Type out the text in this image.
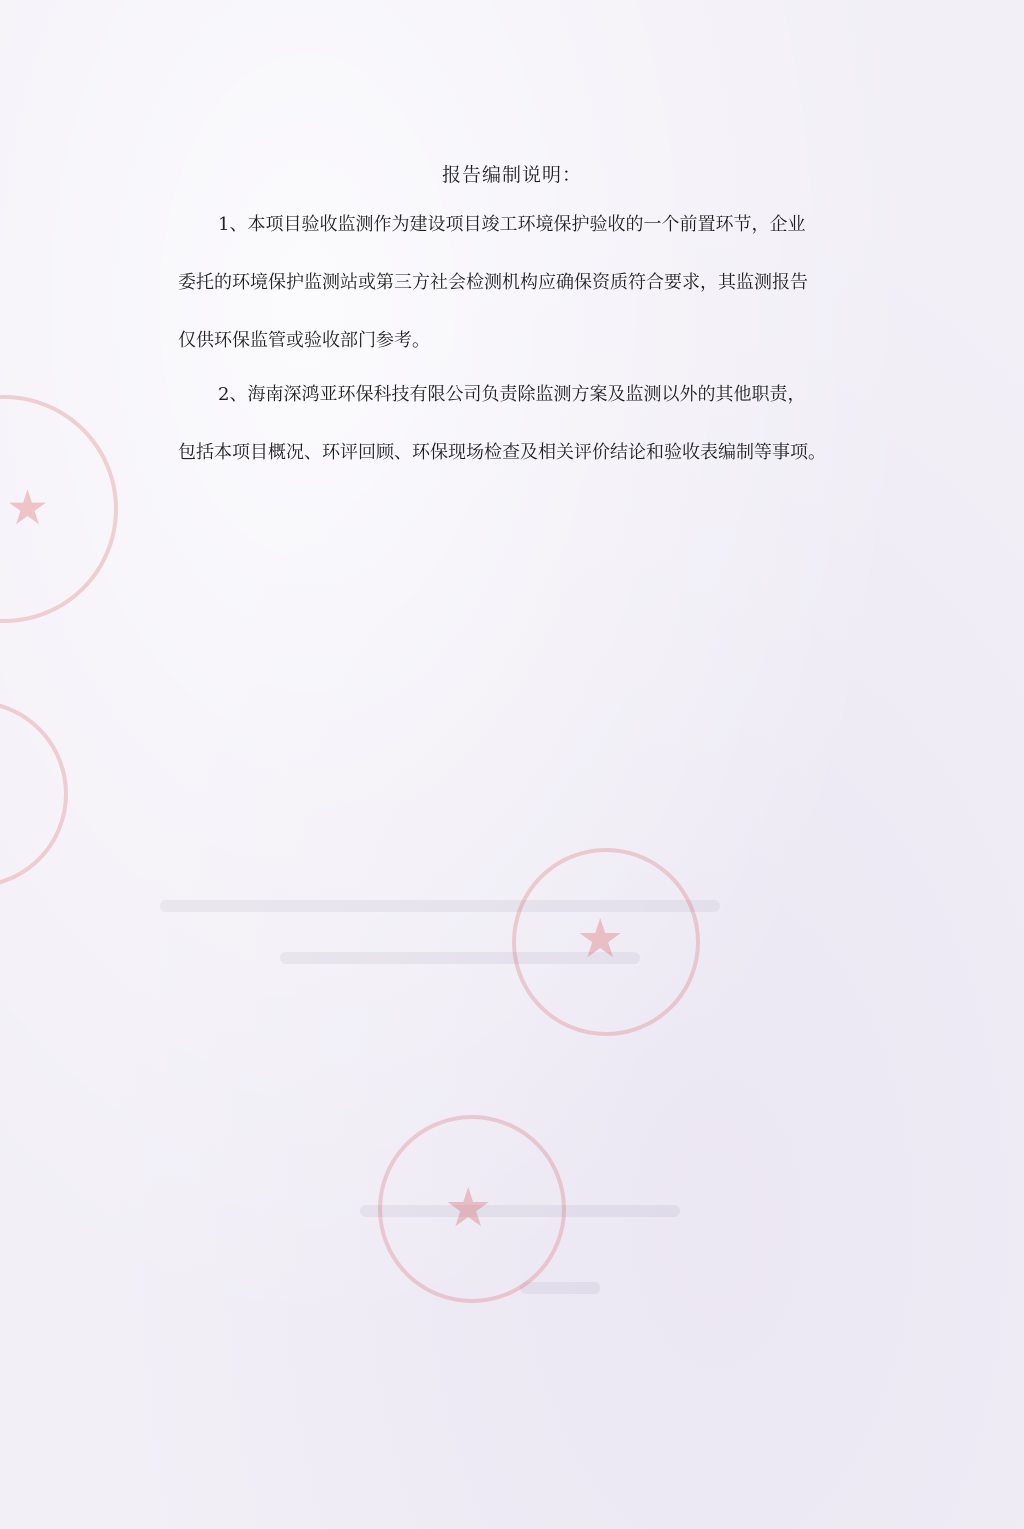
★
★
★
报告编制说明：
1、本项目验收监测作为建设项目竣工环境保护验收的一个前置环节，企业
委托的环境保护监测站或第三方社会检测机构应确保资质符合要求，其监测报告
仅供环保监管或验收部门参考。
2、海南深鸿亚环保科技有限公司负责除监测方案及监测以外的其他职责，
包括本项目概况、环评回顾、环保现场检查及相关评价结论和验收表编制等事项。
